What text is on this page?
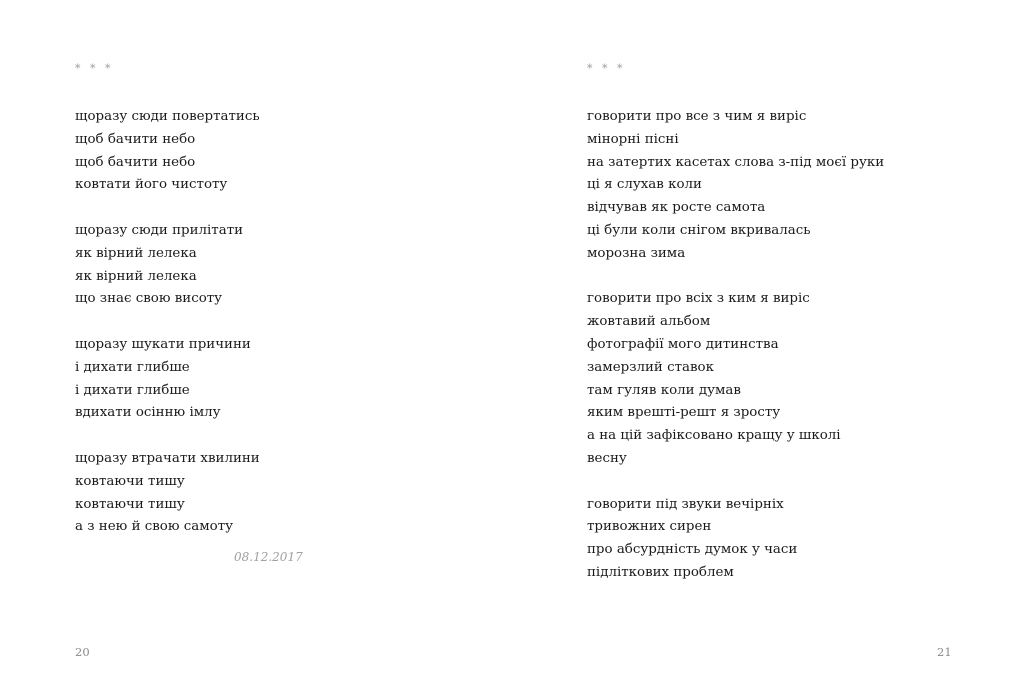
* * *
щоразу сюди повертатись
щоб бачити небо
щоб бачити небо
ковтати його чистоту
щоразу сюди прилітати
як вірний лелека
як вірний лелека
що знає свою висоту
щоразу шукати причини
і дихати глибше
і дихати глибше
вдихати осінню імлу
щоразу втрачати хвилини
ковтаючи тишу
ковтаючи тишу
а з нею й свою самоту
08.12.2017
20
* * *
говорити про все з чим я виріс
мінорні пісні
на затертих касетах слова з-під моєї руки
ці я слухав коли
відчував як росте самота
ці були коли снігом вкривалась
морозна зима
говорити про всіх з ким я виріс
жовтавий альбом
фотографії мого дитинства
замерзлий ставок
там гуляв коли думав
яким врешті-решт я зросту
а на цій зафіксовано кращу у школі
весну
говорити під звуки вечірніх
тривожних сирен
про абсурдність думок у часи
підліткових проблем
21
